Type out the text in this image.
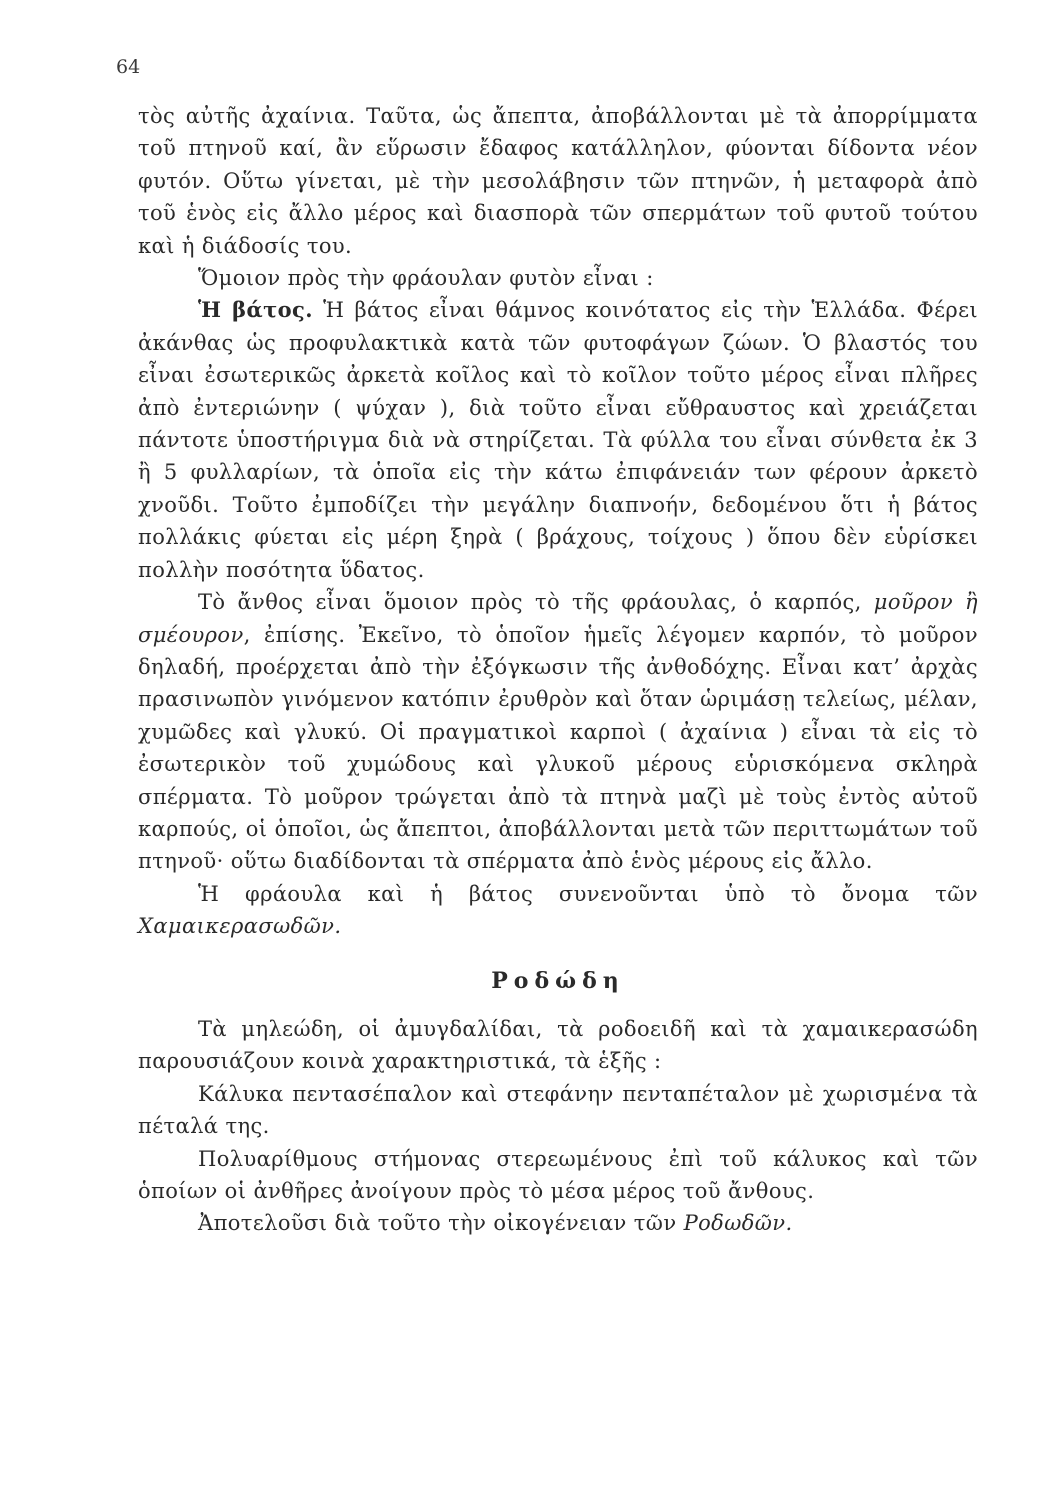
64

τὸς αὐτῆς ἀχαίνια. Ταῦτα, ὡς ἄπεπτα, ἀποβάλλονται μὲ τὰ ἀπορρίμματα τοῦ πτηνοῦ καί, ἂν εὕρωσιν ἔδαφος κατάλληλον, φύονται δίδοντα νέον φυτόν. Οὕτω γίνεται, μὲ τὴν μεσολάβησιν τῶν πτηνῶν, ἡ μεταφορὰ ἀπὸ τοῦ ἑνὸς εἰς ἄλλο μέρος καὶ διασπορὰ τῶν σπερμάτων τοῦ φυτοῦ τούτου καὶ ἡ διάδοσίς του.

Ὅμοιον πρὸς τὴν φράουλαν φυτὸν εἶναι :

Ἡ βάτος. Ἡ βάτος εἶναι θάμνος κοινότατος εἰς τὴν Ἑλλάδα. Φέρει ἀκάνθας ὡς προφυλακτικὰ κατὰ τῶν φυτοφάγων ζώων. Ὁ βλαστός του εἶναι ἐσωτερικῶς ἀρκετὰ κοῖλος καὶ τὸ κοῖλον τοῦτο μέρος εἶναι πλῆρες ἀπὸ ἐντεριώνην ( ψύχαν ), διὰ τοῦτο εἶναι εὔθραυστος καὶ χρειάζεται πάντοτε ὑποστήριγμα διὰ νὰ στηρίζεται. Τὰ φύλλα του εἶναι σύνθετα ἐκ 3 ἢ 5 φυλλαρίων, τὰ ὁποῖα εἰς τὴν κάτω ἐπιφάνειάν των φέρουν ἀρκετὸ χνοῦδι. Τοῦτο ἐμποδίζει τὴν μεγάλην διαπνοήν, δεδομένου ὅτι ἡ βάτος πολλάκις φύεται εἰς μέρη ξηρὰ ( βράχους, τοίχους ) ὅπου δὲν εὑρίσκει πολλὴν ποσότητα ὕδατος.

Τὸ ἄνθος εἶναι ὅμοιον πρὸς τὸ τῆς φράουλας, ὁ καρπός, μοῦρον ἢ σμέουρον, ἐπίσης. Ἐκεῖνο, τὸ ὁποῖον ἡμεῖς λέγομεν καρπόν, τὸ μοῦρον δηλαδή, προέρχεται ἀπὸ τὴν ἐξόγκωσιν τῆς ἀνθοδόχης. Εἶναι κατ’ ἀρχὰς πρασινωπὸν γινόμενον κατόπιν ἐρυθρὸν καὶ ὅταν ὡριμάσῃ τελείως, μέλαν, χυμῶδες καὶ γλυκύ. Οἱ πραγματικοὶ καρποὶ ( ἀχαίνια ) εἶναι τὰ εἰς τὸ ἐσωτερικὸν τοῦ χυμώδους καὶ γλυκοῦ μέρους εὑρισκόμενα σκληρὰ σπέρματα. Τὸ μοῦρον τρώγεται ἀπὸ τὰ πτηνὰ μαζὶ μὲ τοὺς ἐντὸς αὐτοῦ καρπούς, οἱ ὁποῖοι, ὡς ἄπεπτοι, ἀποβάλλονται μετὰ τῶν περιττωμάτων τοῦ πτηνοῦ· οὕτω διαδίδονται τὰ σπέρματα ἀπὸ ἑνὸς μέρους εἰς ἄλλο.

Ἡ φράουλα καὶ ἡ βάτος συνενοῦνται ὑπὸ τὸ ὄνομα τῶν Χαμαικερασωδῶν.

Ροδώδη

Τὰ μηλεώδη, οἱ ἀμυγδαλίδαι, τὰ ροδοειδῆ καὶ τὰ χαμαικερασώδη παρουσιάζουν κοινὰ χαρακτηριστικά, τὰ ἑξῆς :

Κάλυκα πεντασέπαλον καὶ στεφάνην πενταπέταλον μὲ χωρισμένα τὰ πέταλά της.

Πολυαρίθμους στήμονας στερεωμένους ἐπὶ τοῦ κάλυκος καὶ τῶν ὁποίων οἱ ἀνθῆρες ἀνοίγουν πρὸς τὸ μέσα μέρος τοῦ ἄνθους.

Ἀποτελοῦσι διὰ τοῦτο τὴν οἰκογένειαν τῶν Ροδωδῶν.
